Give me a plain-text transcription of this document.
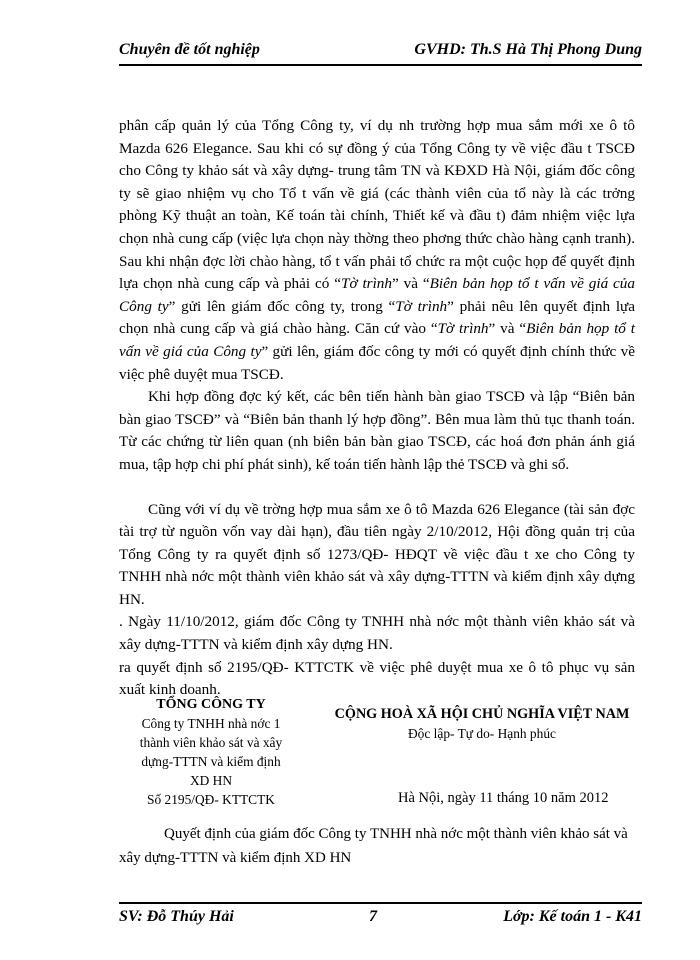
Chuyên đề tốt nghiệp	GVHD: Th.S Hà Thị Phong Dung

phân cấp quản lý của Tổng Công ty, ví dụ nh trường hợp mua sắm mới xe ô tô Mazda 626 Elegance. Sau khi có sự đồng ý của Tổng Công ty về việc đầu t TSCĐ cho Công ty khảo sát và xây dựng- trung tâm TN và KĐXD Hà Nội, giám đốc công ty sẽ giao nhiệm vụ cho Tổ t vấn về giá (các thành viên của tổ này là các trởng phòng Kỹ thuật an toàn, Kế toán tài chính, Thiết kế và đầu t) đảm nhiệm việc lựa chọn nhà cung cấp (việc lựa chọn này thờng theo phơng thức chào hàng cạnh tranh). Sau khi nhận đợc lời chào hàng, tổ t vấn phải tổ chức ra một cuộc họp để quyết định lựa chọn nhà cung cấp và phải có “Tờ trình” và “Biên bản họp tổ t vấn về giá của Công ty” gửi lên giám đốc công ty, trong “Tờ trình” phải nêu lên quyết định lựa chọn nhà cung cấp và giá chào hàng. Căn cứ vào “Tờ trình” và “Biên bản họp tổ t vấn về giá của Công ty” gửi lên, giám đốc công ty mới có quyết định chính thức về việc phê duyệt mua TSCĐ.

Khi hợp đồng đợc ký kết, các bên tiến hành bàn giao TSCĐ và lập “Biên bản bàn giao TSCĐ” và “Biên bản thanh lý hợp đồng”. Bên mua làm thủ tục thanh toán. Từ các chứng từ liên quan (nh biên bản bàn giao TSCĐ, các hoá đơn phản ánh giá mua, tập hợp chi phí phát sinh), kế toán tiến hành lập thẻ TSCĐ và ghi sổ.

Cũng với ví dụ về trờng hợp mua sắm xe ô tô Mazda 626 Elegance (tài sản đợc tài trợ từ nguồn vốn vay dài hạn), đầu tiên ngày 2/10/2012, Hội đồng quản trị của Tổng Công ty ra quyết định số 1273/QĐ- HĐQT về việc đầu t xe cho Công ty TNHH nhà nớc một thành viên khảo sát và xây dựng-TTTN và kiểm định xây dựng HN.

. Ngày 11/10/2012, giám đốc Công ty TNHH nhà nớc một thành viên khảo sát và xây dựng-TTTN và kiểm định xây dựng HN.

ra quyết định số 2195/QĐ- KTTCTK về việc phê duyệt mua xe ô tô phục vụ sản xuất kinh doanh.

TỔNG CÔNG TY
Công ty TNHH nhà nớc 1
thành viên khảo sát và xây
dựng-TTTN và kiểm định
XD HN
Số 2195/QĐ- KTTCTK
CỘNG HOÀ XÃ HỘI CHỦ NGHĨA VIỆT NAM
Độc lập- Tự do- Hạnh phúc
Hà Nội, ngày 11 tháng 10 năm 2012
Quyết định của giám đốc Công ty TNHH nhà nớc một thành viên khảo sát và xây dựng-TTTN và kiểm định XD HN
SV: Đỗ Thúy Hải	7	Lớp: Kế toán 1 - K41
